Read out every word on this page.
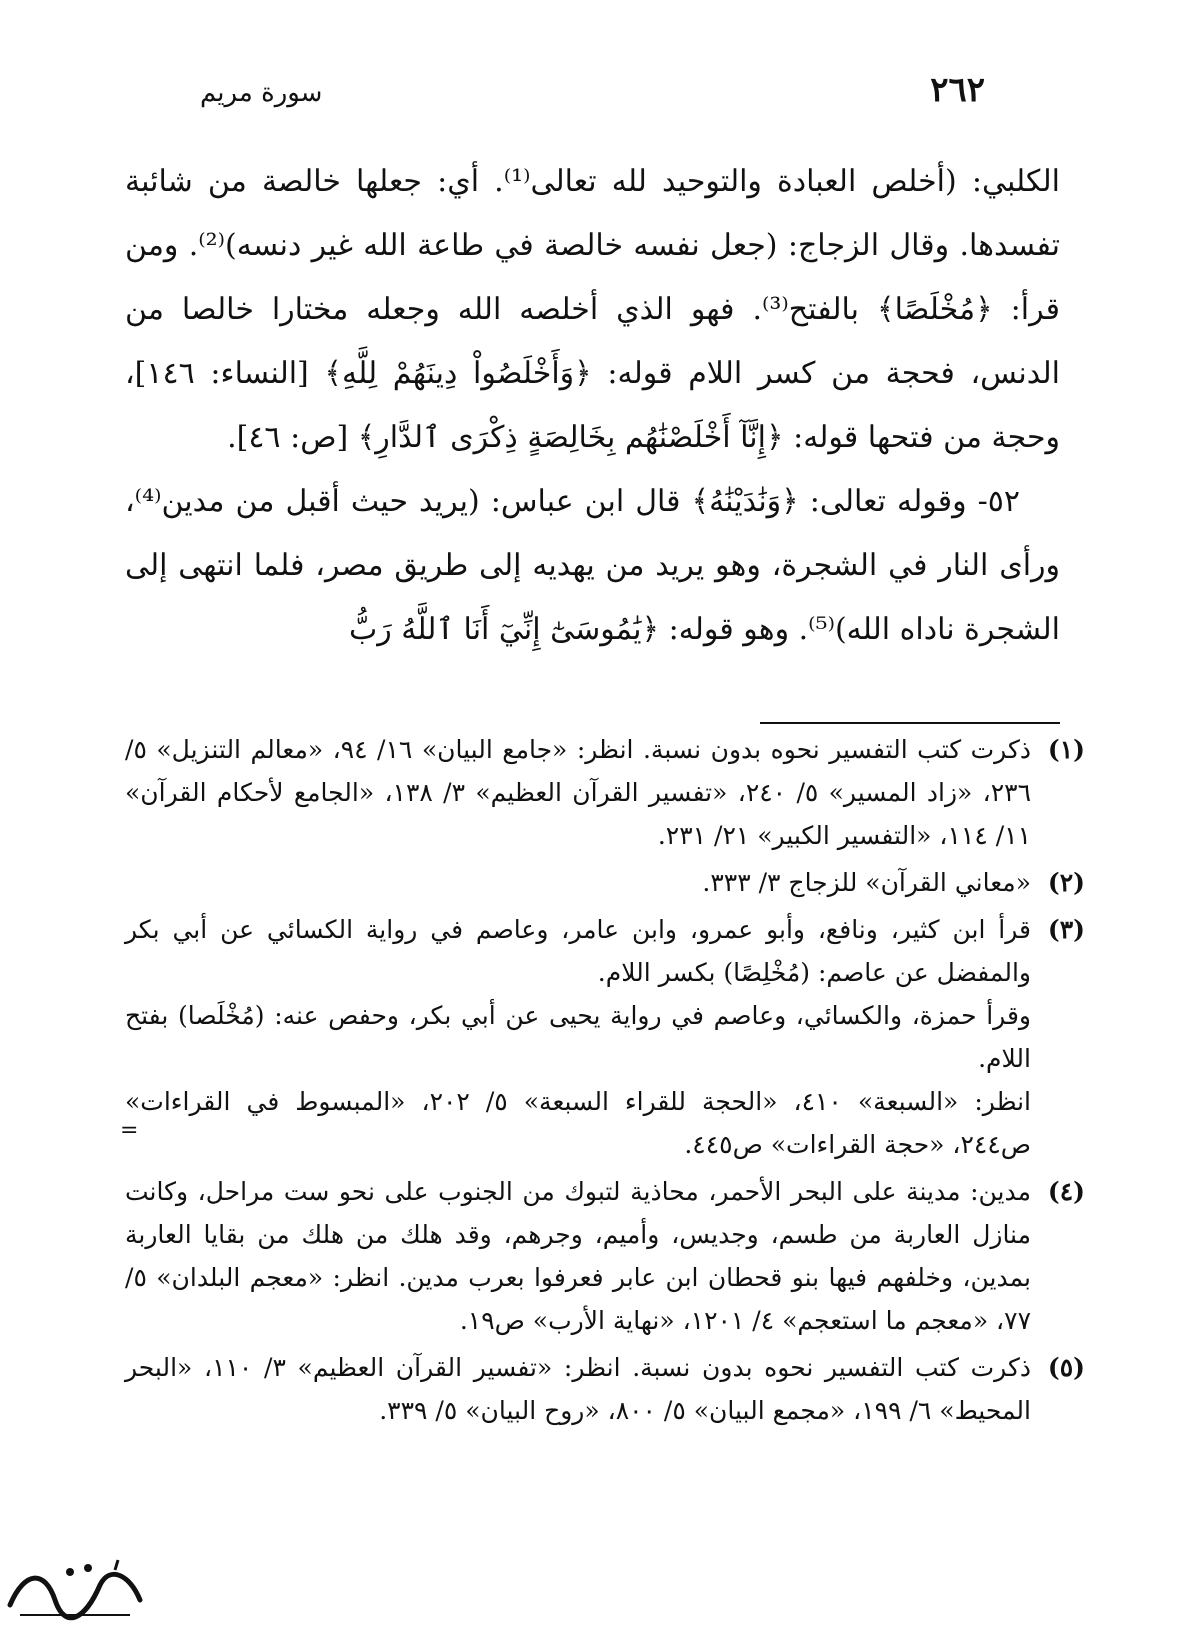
٢٦٢
سورة مريم

الكلبي: (أخلص العبادة والتوحيد لله تعالى⁽¹⁾. أي: جعلها خالصة من شائبة تفسدها. وقال الزجاج: (جعل نفسه خالصة في طاعة الله غير دنسه)⁽²⁾. ومن قرأ: ﴿مُخْلَصًا﴾ بالفتح⁽³⁾. فهو الذي أخلصه الله وجعله مختارا خالصا من الدنس، فحجة من كسر اللام قوله: ﴿وَأَخْلَصُواْ دِينَهُمْ لِلَّهِ﴾ [النساء: ١٤٦]، وحجة من فتحها قوله: ﴿إِنَّآ أَخْلَصْنَٰهُم بِخَالِصَةٍ ذِكْرَى ٱلدَّارِ﴾ [ص: ٤٦].

٥٢- وقوله تعالى: ﴿وَنَٰدَيْنَٰهُ﴾ قال ابن عباس: (يريد حيث أقبل من مدين⁽⁴⁾، ورأى النار في الشجرة، وهو يريد من يهديه إلى طريق مصر، فلما انتهى إلى الشجرة ناداه الله)⁽⁵⁾. وهو قوله: ﴿يَٰمُوسَىٰٓ إِنِّيٓ أَنَا ٱللَّهُ رَبُّ

(١)

ذكرت كتب التفسير نحوه بدون نسبة. انظر: «جامع البيان» ١٦/ ٩٤، «معالم التنزيل» ٥/ ٢٣٦، «زاد المسير» ٥/ ٢٤٠، «تفسير القرآن العظيم» ٣/ ١٣٨، «الجامع لأحكام القرآن» ١١/ ١١٤، «التفسير الكبير» ٢١/ ٢٣١.

(٢)

«معاني القرآن» للزجاج ٣/ ٣٣٣.

(٣)

قرأ ابن كثير، ونافع، وأبو عمرو، وابن عامر، وعاصم في رواية الكسائي عن أبي بكر والمفضل عن عاصم: (مُخْلِصًا) بكسر اللام.

وقرأ حمزة، والكسائي، وعاصم في رواية يحيى عن أبي بكر، وحفص عنه: (مُخْلَصا) بفتح اللام.

انظر: «السبعة» ٤١٠، «الحجة للقراء السبعة» ٥/ ٢٠٢، «المبسوط في القراءات» ص٢٤٤، «حجة القراءات» ص٤٤٥.

(٤)

مدين: مدينة على البحر الأحمر، محاذية لتبوك من الجنوب على نحو ست مراحل، وكانت منازل العاربة من طسم، وجديس، وأميم، وجرهم، وقد هلك من هلك من بقايا العاربة بمدين، وخلفهم فيها بنو قحطان ابن عابر فعرفوا بعرب مدين. انظر: «معجم البلدان» ٥/ ٧٧، «معجم ما استعجم» ٤/ ١٢٠١، «نهاية الأرب» ص١٩.

(٥)

ذكرت كتب التفسير نحوه بدون نسبة. انظر: «تفسير القرآن العظيم» ٣/ ١١٠، «البحر المحيط» ٦/ ١٩٩، «مجمع البيان» ٥/ ٨٠٠، «روح البيان» ٥/ ٣٣٩.

=
